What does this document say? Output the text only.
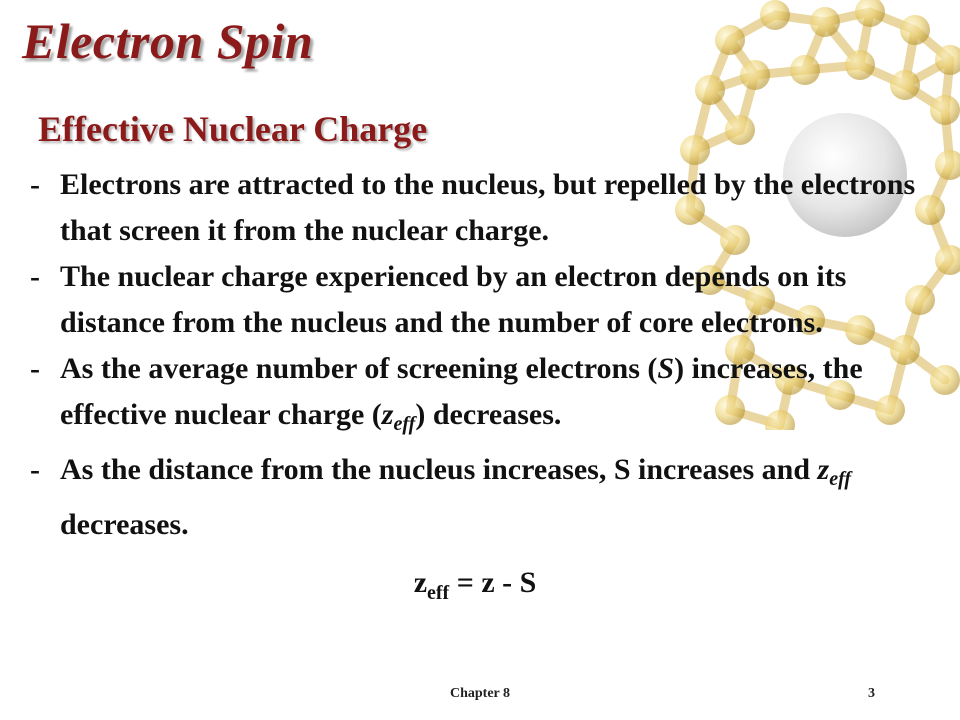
Electron Spin
Effective Nuclear Charge
- Electrons are attracted to the nucleus, but repelled by the electrons that screen it from the nuclear charge.
- The nuclear charge experienced by an electron depends on its distance from the nucleus and the number of core electrons.
- As the average number of screening electrons (S) increases, the effective nuclear charge $(z_{eff})$ decreases.
- As the distance from the nucleus increases, S increases and $z_{eff}$ decreases.
$z_{eff} = z - S$
Chapter 8	3
